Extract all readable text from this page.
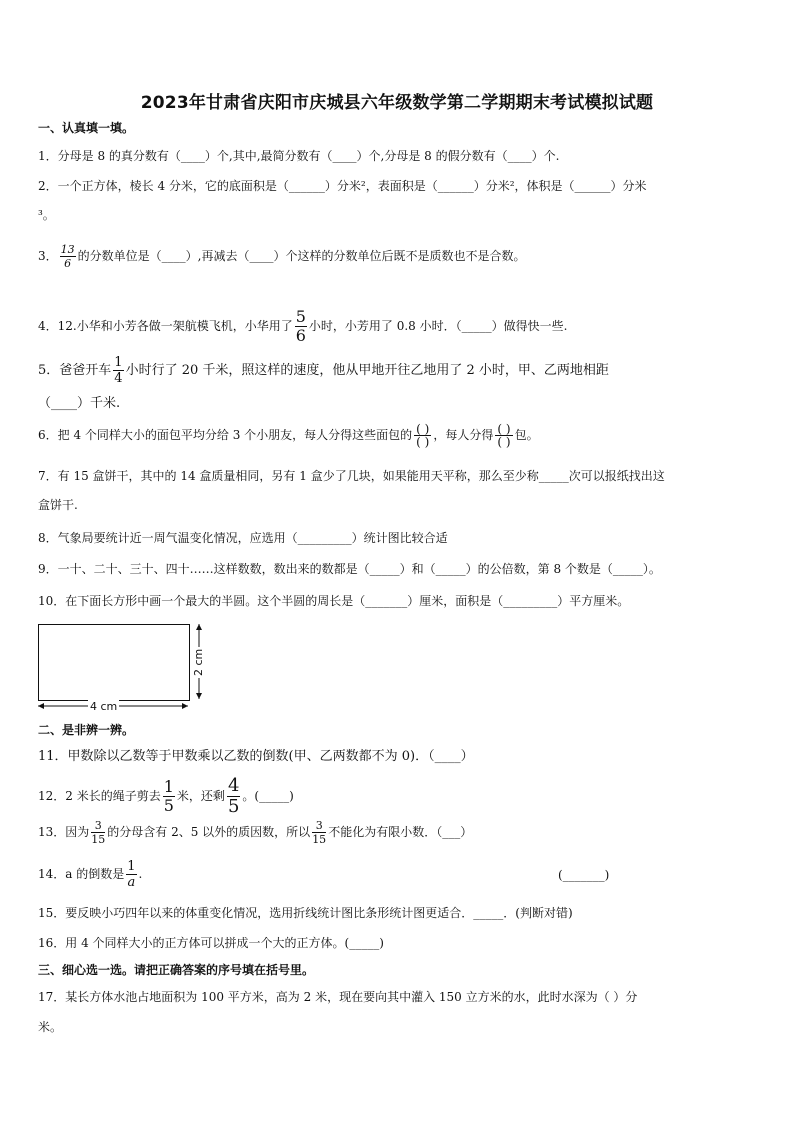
2023年甘肃省庆阳市庆城县六年级数学第二学期期末考试模拟试题
一、认真填一填。
1．分母是 8 的真分数有（____）个,其中,最简分数有（____）个,分母是 8 的假分数有（____）个.
2．一个正方体，棱长 4 分米，它的底面积是（______）分米²，表面积是（______）分米²，体积是（______）分米
³。
3． $\frac{13}{6}$ 的分数单位是（____）,再减去（____）个这样的分数单位后既不是质数也不是合数。
4．12.小华和小芳各做一架航模飞机，小华用了 $\frac{5}{6}$ 小时，小芳用了 0.8 小时．（_____）做得快一些.
5．爸爸开车 $\frac{1}{4}$ 小时行了 20 千米，照这样的速度，他从甲地开往乙地用了 2 小时，甲、乙两地相距
（____）千米.
6．把 4 个同样大小的面包平均分给 3 个小朋友，每人分得这些面包的 $\frac{( )}{( )}$ ，每人分得 $\frac{( )}{( )}$ 包。
7．有 15 盒饼干，其中的 14 盒质量相同，另有 1 盒少了几块，如果能用天平称，那么至少称_____次可以报纸找出这
盒饼干.
8．气象局要统计近一周气温变化情况，应选用（_________）统计图比较合适
9．一十、二十、三十、四十……这样数数，数出来的数都是（_____）和（_____）的公倍数，第 8 个数是（_____）。
10．在下面长方形中画一个最大的半圆。这个半圆的周长是（_______）厘米，面积是（_________）平方厘米。
4 cm
2 cm
二、是非辨一辨。
11．甲数除以乙数等于甲数乘以乙数的倒数(甲、乙两数都不为 0)．（____）
12．2 米长的绳子剪去 $\frac{1}{5}$ 米，还剩 $\frac{4}{5}$ 。(_____)
13．因为 $\frac{3}{15}$ 的分母含有 2、5 以外的质因数，所以 $\frac{3}{15}$ 不能化为有限小数．（___）
14．a 的倒数是 $\frac{1}{a}$ .	(_______)
15．要反映小巧四年以来的体重变化情况，选用折线统计图比条形统计图更适合．_____．(判断对错)
16．用 4 个同样大小的正方体可以拼成一个大的正方体。(_____)
三、细心选一选。请把正确答案的序号填在括号里。
17．某长方体水池占地面积为 100 平方米，高为 2 米，现在要向其中灌入 150 立方米的水，此时水深为（ ）分
米。
